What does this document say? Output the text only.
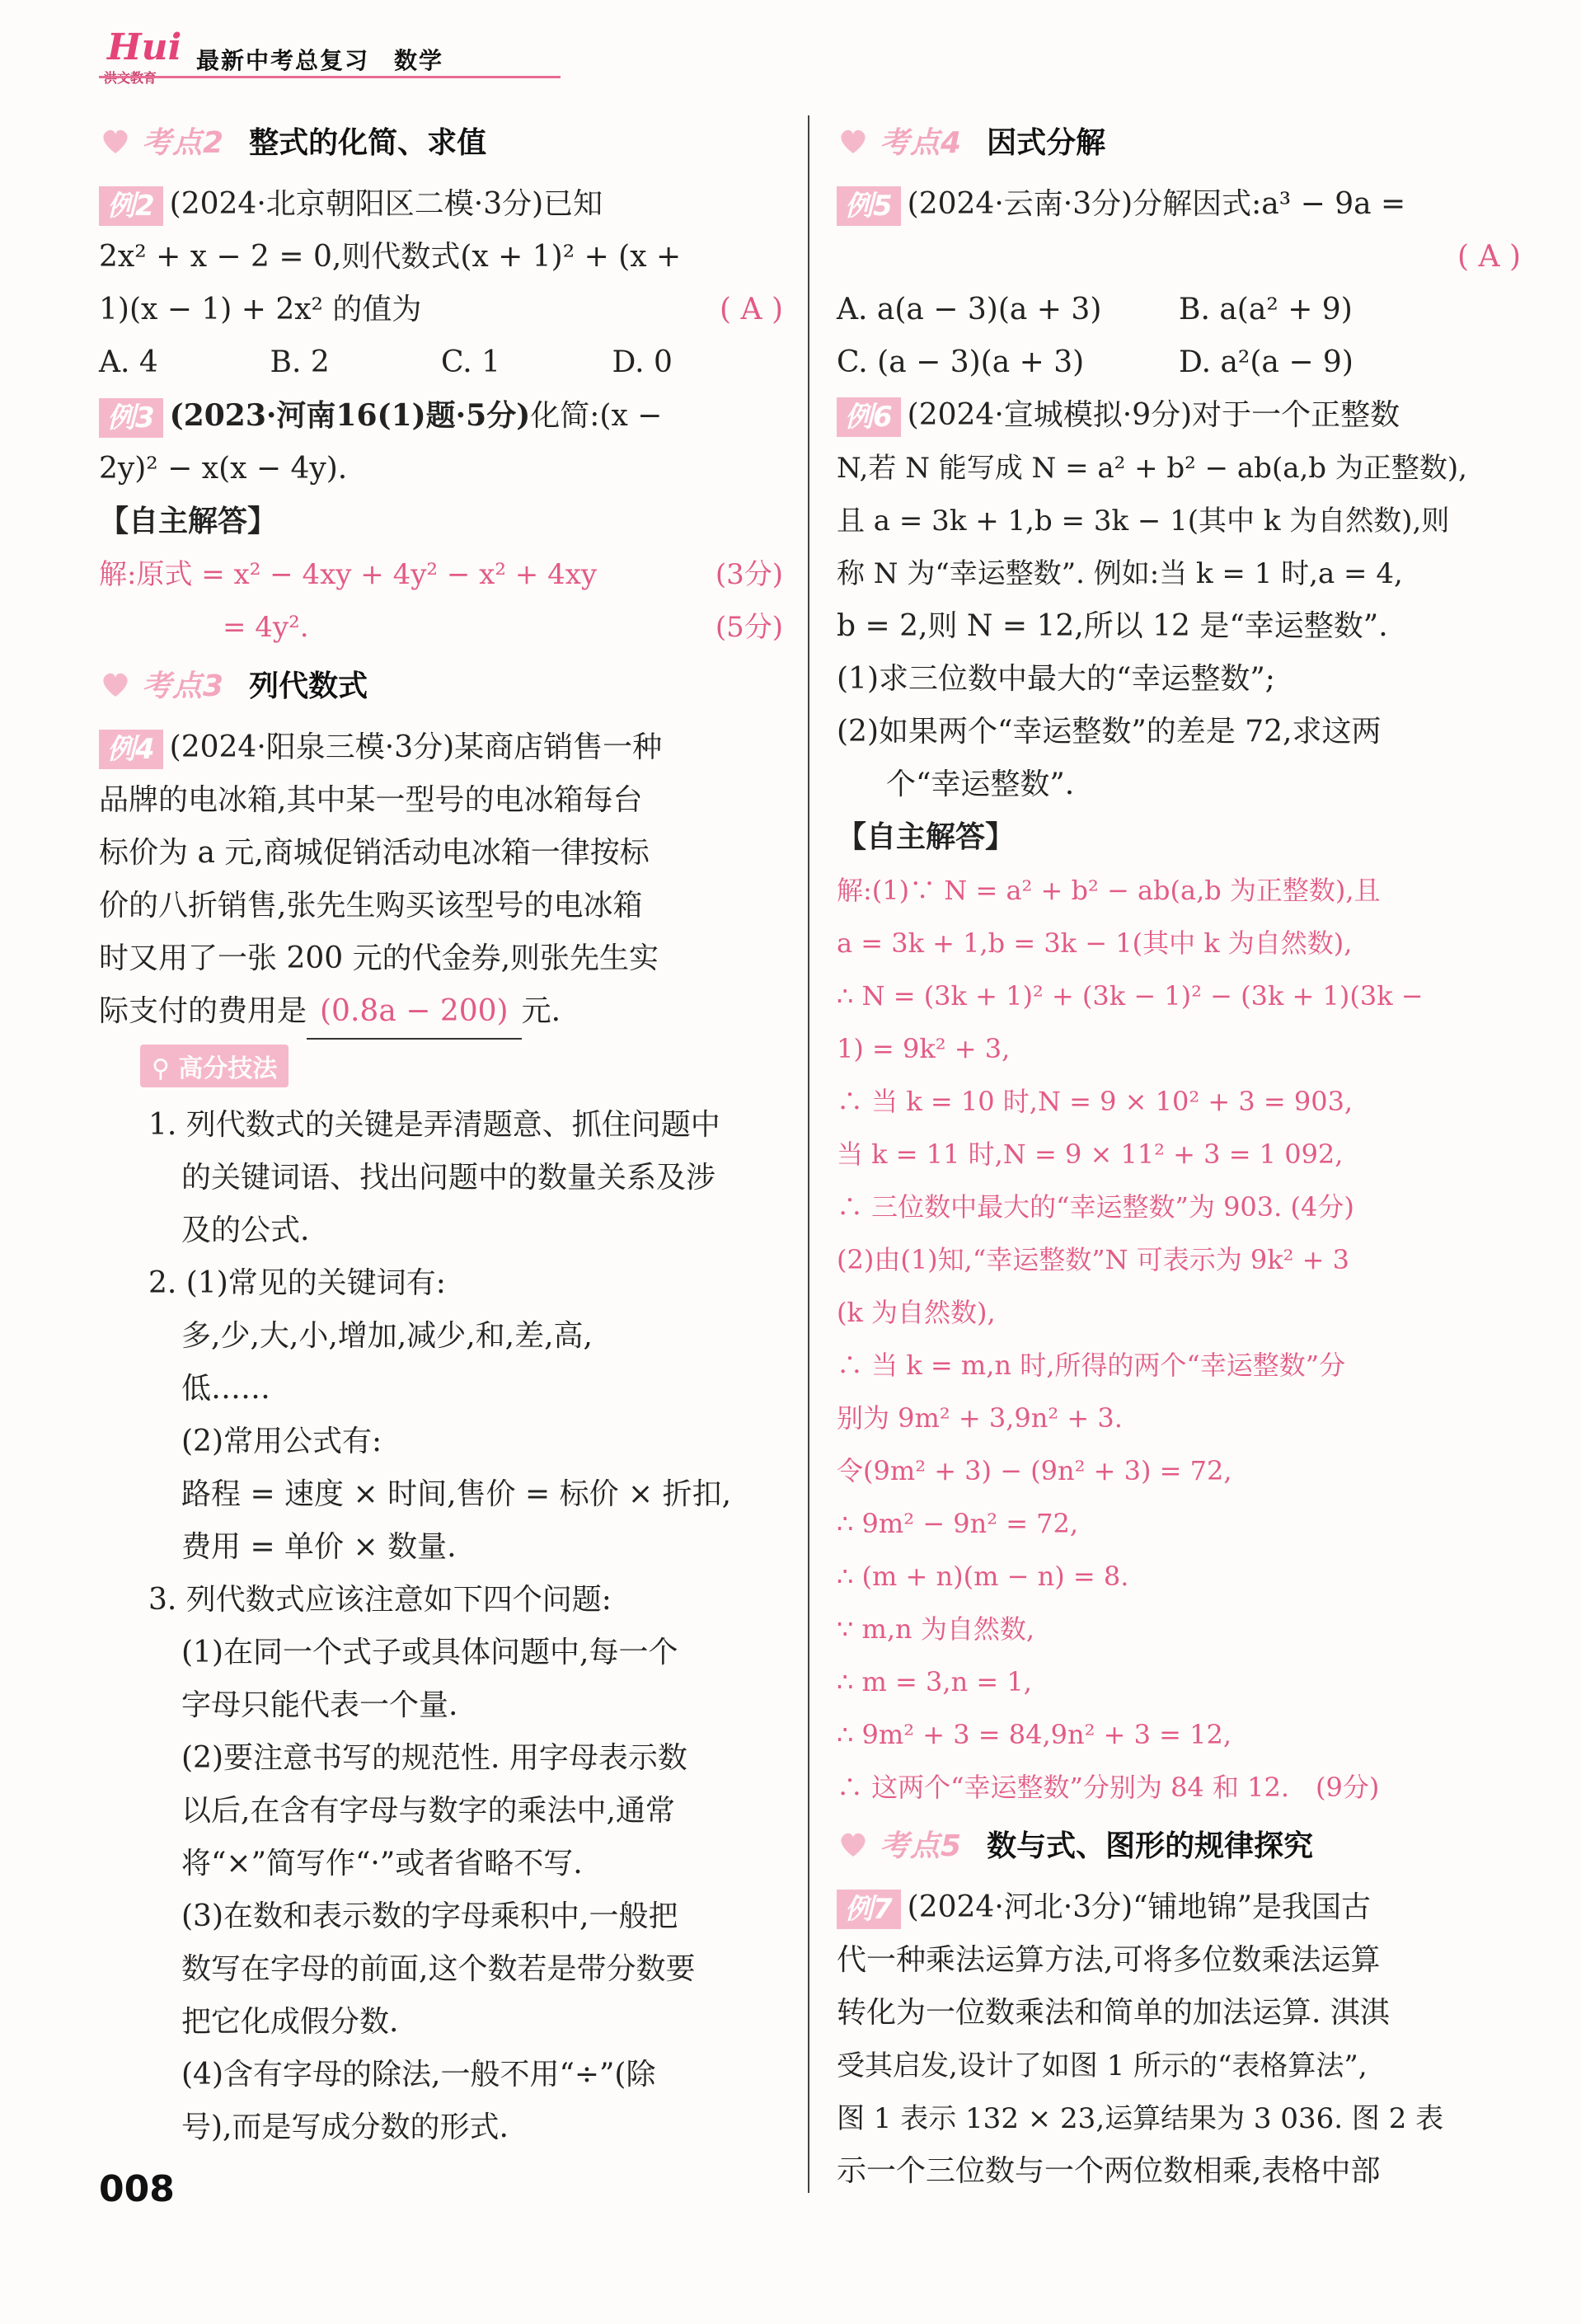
Hui 最新中考总复习　数学
考点2 整式的化简、求值
例2 (2024·北京朝阳区二模·3分)已知
2x² + x − 2 = 0,则代数式(x + 1)² + (x +
1)(x − 1) + 2x² 的值为	( A )
A. 4	B. 2	C. 1	D. 0
例3 (2023·河南16(1)题·5分)化简:(x −
2y)² − x(x − 4y).
【自主解答】
解:原式 = x² − 4xy + 4y² − x² + 4xy	(3分)
= 4y².	(5分)
考点3 列代数式
例4 (2024·阳泉三模·3分)某商店销售一种
品牌的电冰箱,其中某一型号的电冰箱每台
标价为 a 元,商城促销活动电冰箱一律按标
价的八折销售,张先生购买该型号的电冰箱
时又用了一张 200 元的代金券,则张先生实
际支付的费用是 (0.8a − 200) 元.
⚲ 高分技法
1. 列代数式的关键是弄清题意、抓住问题中
的关键词语、找出问题中的数量关系及涉
及的公式.
2. (1)常见的关键词有:
多,少,大,小,增加,减少,和,差,高,
低……
(2)常用公式有:
路程 = 速度 × 时间,售价 = 标价 × 折扣,
费用 = 单价 × 数量.
3. 列代数式应该注意如下四个问题:
(1)在同一个式子或具体问题中,每一个
字母只能代表一个量.
(2)要注意书写的规范性. 用字母表示数
以后,在含有字母与数字的乘法中,通常
将“×”简写作“·”或者省略不写.
(3)在数和表示数的字母乘积中,一般把
数写在字母的前面,这个数若是带分数要
把它化成假分数.
(4)含有字母的除法,一般不用“÷”(除
号),而是写成分数的形式.
考点4 因式分解
例5 (2024·云南·3分)分解因式:a³ − 9a =
( A )
A. a(a − 3)(a + 3)	B. a(a² + 9)
C. (a − 3)(a + 3)	D. a²(a − 9)
例6 (2024·宣城模拟·9分)对于一个正整数
N,若 N 能写成 N = a² + b² − ab(a,b 为正整数),
且 a = 3k + 1,b = 3k − 1(其中 k 为自然数),则
称 N 为“幸运整数”. 例如:当 k = 1 时,a = 4,
b = 2,则 N = 12,所以 12 是“幸运整数”.
(1)求三位数中最大的“幸运整数”;
(2)如果两个“幸运整数”的差是 72,求这两
个“幸运整数”.
【自主解答】
解:(1)∵ N = a² + b² − ab(a,b 为正整数),且
a = 3k + 1,b = 3k − 1(其中 k 为自然数),
∴ N = (3k + 1)² + (3k − 1)² − (3k + 1)(3k −
1) = 9k² + 3,
∴ 当 k = 10 时,N = 9 × 10² + 3 = 903,
当 k = 11 时,N = 9 × 11² + 3 = 1 092,
∴ 三位数中最大的“幸运整数”为 903. (4分)
(2)由(1)知,“幸运整数”N 可表示为 9k² + 3
(k 为自然数),
∴ 当 k = m,n 时,所得的两个“幸运整数”分
别为 9m² + 3,9n² + 3.
令(9m² + 3) − (9n² + 3) = 72,
∴ 9m² − 9n² = 72,
∴ (m + n)(m − n) = 8.
∵ m,n 为自然数,
∴ m = 3,n = 1,
∴ 9m² + 3 = 84,9n² + 3 = 12,
∴ 这两个“幸运整数”分别为 84 和 12.　(9分)
考点5 数与式、图形的规律探究
例7 (2024·河北·3分)“铺地锦”是我国古
代一种乘法运算方法,可将多位数乘法运算
转化为一位数乘法和简单的加法运算. 淇淇
受其启发,设计了如图 1 所示的“表格算法”,
图 1 表示 132 × 23,运算结果为 3 036. 图 2 表
示一个三位数与一个两位数相乘,表格中部
008
